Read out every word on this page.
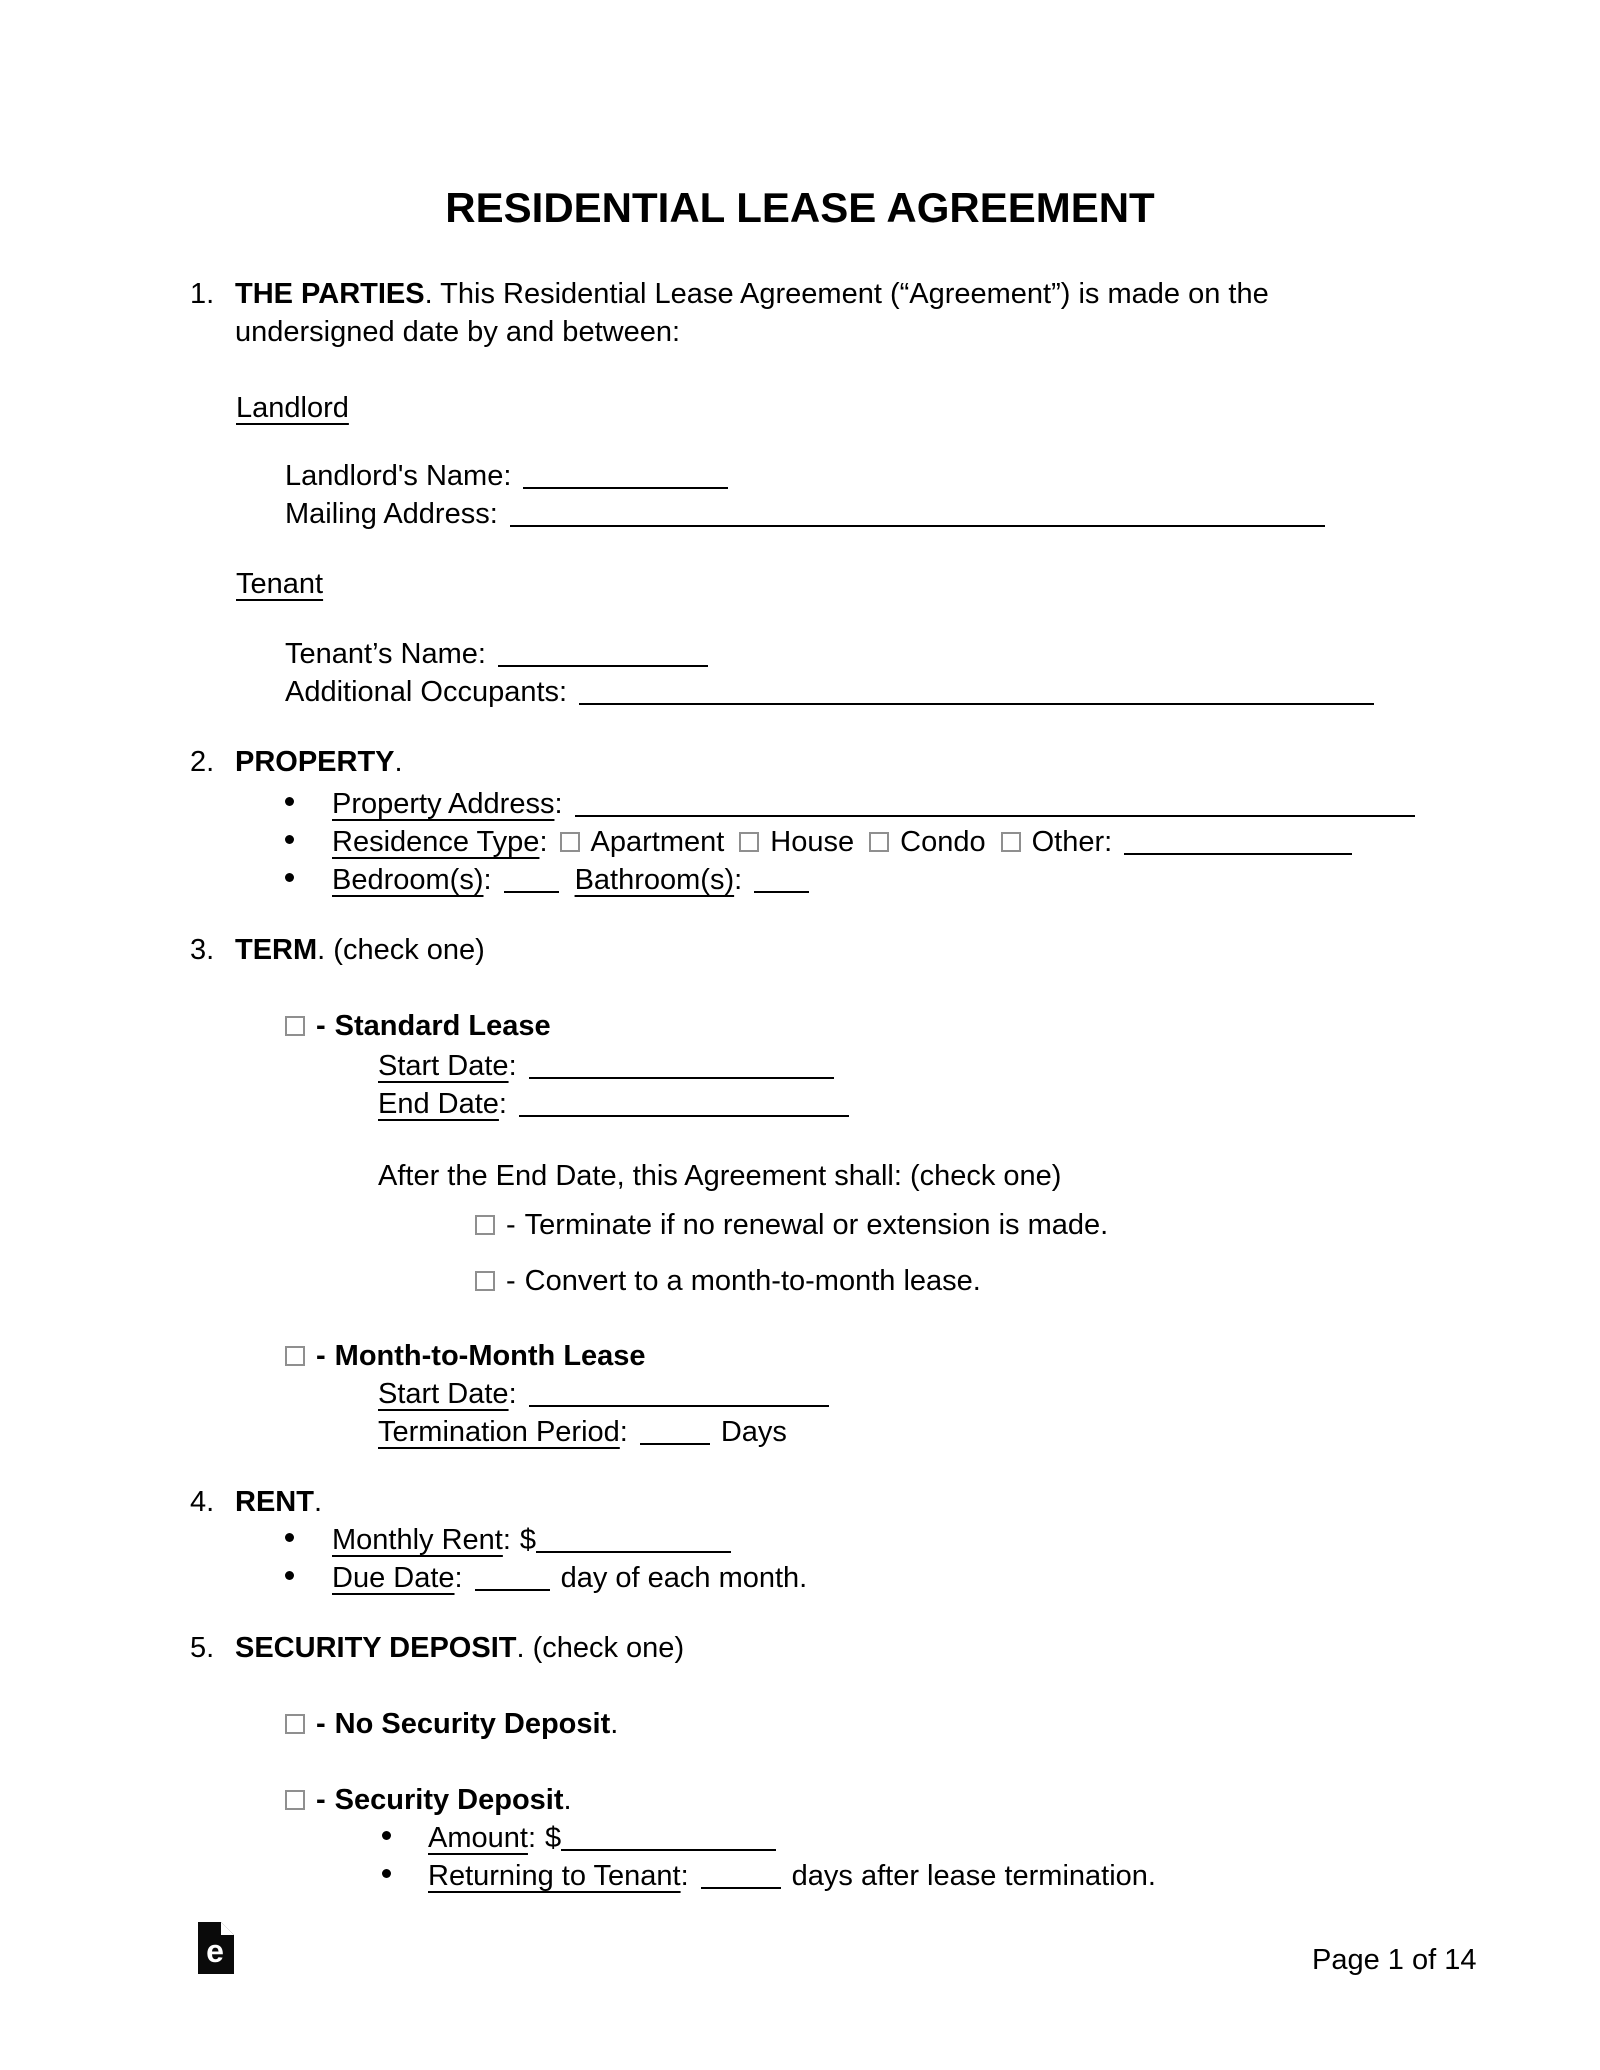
RESIDENTIAL LEASE AGREEMENT
1. THE PARTIES. This Residential Lease Agreement (“Agreement”) is made on the
undersigned date by and between:
Landlord
Landlord's Name:
Mailing Address:
Tenant
Tenant’s Name:
Additional Occupants:
2. PROPERTY.
Property Address:
Residence Type: Apartment House Condo Other:
Bedroom(s):	Bathroom(s):
3. TERM. (check one)
- Standard Lease
Start Date:
End Date:
After the End Date, this Agreement shall: (check one)
- Terminate if no renewal or extension is made.
- Convert to a month-to-month lease.
- Month-to-Month Lease
Start Date:
Termination Period:	Days
4. RENT.
Monthly Rent: $
Due Date:	day of each month.
5. SECURITY DEPOSIT. (check one)
- No Security Deposit.
- Security Deposit.
Amount: $
Returning to Tenant:	days after lease termination.
e	Page 1 of 14
